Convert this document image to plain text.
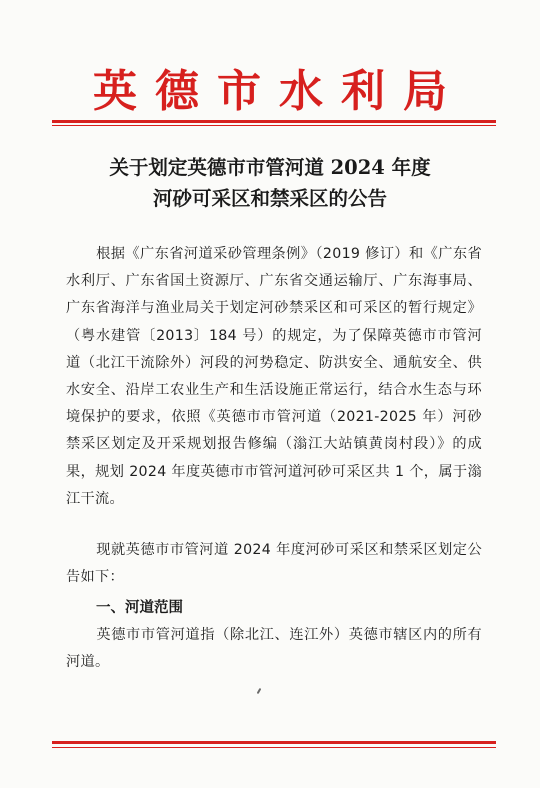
英德市水利局
关于划定英德市市管河道 2024 年度
河砂可采区和禁采区的公告
根据《广东省河道采砂管理条例》（2019 修订）和《广东省水利厅、广东省国土资源厅、广东省交通运输厅、广东海事局、广东省海洋与渔业局关于划定河砂禁采区和可采区的暂行规定》（粤水建管〔2013〕184 号）的规定，为了保障英德市市管河道（北江干流除外）河段的河势稳定、防洪安全、通航安全、供水安全、沿岸工农业生产和生活设施正常运行，结合水生态与环境保护的要求，依照《英德市市管河道（2021-2025 年）河砂禁采区划定及开采规划报告修编（滃江大站镇黄岗村段）》的成果，规划 2024 年度英德市市管河道河砂可采区共 1 个，属于滃江干流。
现就英德市市管河道 2024 年度河砂可采区和禁采区划定公告如下：
一、河道范围
英德市市管河道指（除北江、连江外）英德市辖区内的所有河道。
